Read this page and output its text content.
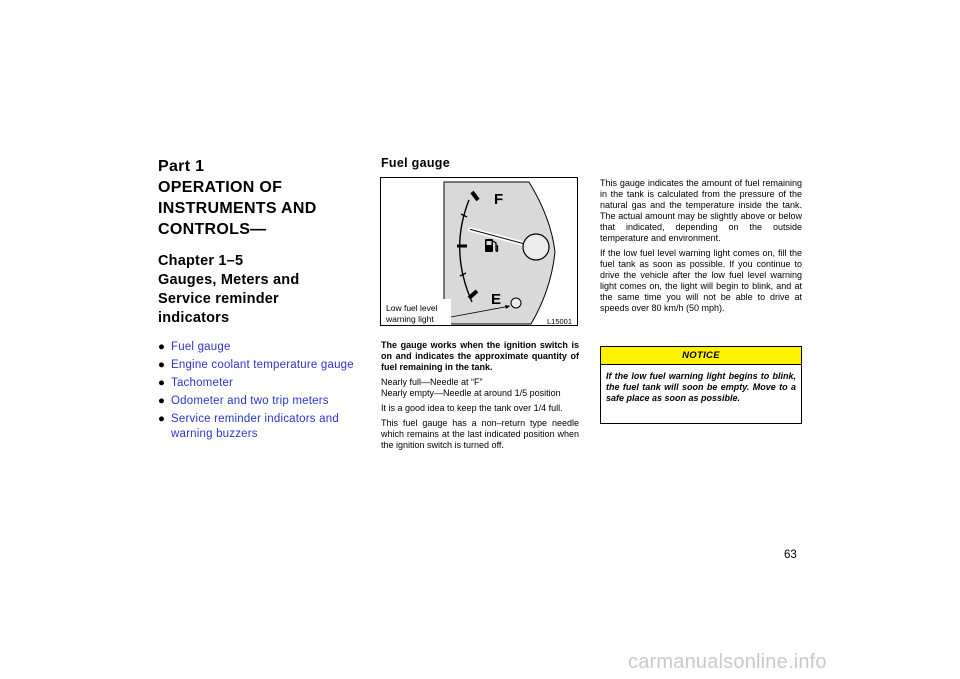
Part 1
OPERATION OF
INSTRUMENTS AND
CONTROLS—
Chapter 1–5
Gauges, Meters and
Service reminder
indicators
● Fuel gauge
● Engine coolant temperature gauge
● Tachometer
● Odometer and two trip meters
● Service reminder indicators and warning buzzers
Fuel gauge
F
E
Low fuel level warning light	L15001

The gauge works when the ignition switch is on and indicates the approximate quantity of fuel remaining in the tank.

Nearly full—Needle at “F”

Nearly empty—Needle at around 1/5 position

It is a good idea to keep the tank over 1/4 full.

This fuel gauge has a non–return type needle which remains at the last indicated position when the ignition switch is turned off.

This gauge indicates the amount of fuel remaining in the tank is calculated from the pressure of the natural gas and the temperature inside the tank. The actual amount may be slightly above or below that indicated, depending on the outside temperature and environment.

If the low fuel level warning light comes on, fill the fuel tank as soon as possible. If you continue to drive the vehicle after the low fuel level warning light comes on, the light will begin to blink, and at the same time you will not be able to drive at speeds over 80 km/h (50 mph).

NOTICE
If the low fuel warning light begins to blink, the fuel tank will soon be empty. Move to a safe place as soon as possible.
63
carmanualsonline.info
